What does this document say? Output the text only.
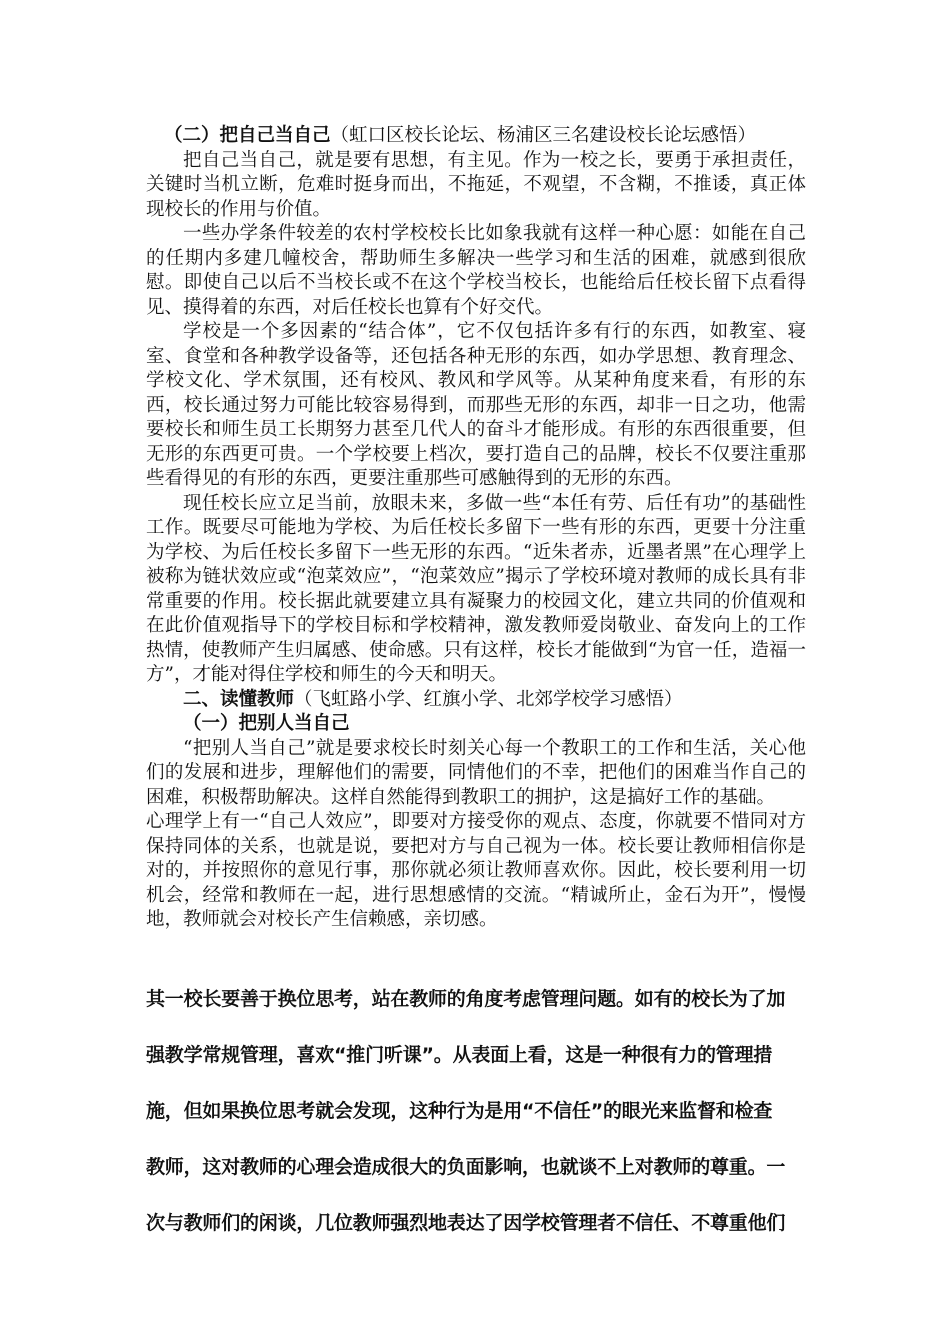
（二）把自己当自己（虹口区校长论坛、杨浦区三名建设校长论坛感悟）

把自己当自己，就是要有思想，有主见。作为一校之长，要勇于承担责任，关键时当机立断，危难时挺身而出，不拖延，不观望，不含糊，不推诿，真正体现校长的作用与价值。

一些办学条件较差的农村学校校长比如象我就有这样一种心愿：如能在自己的任期内多建几幢校舍，帮助师生多解决一些学习和生活的困难，就感到很欣慰。即使自己以后不当校长或不在这个学校当校长，也能给后任校长留下点看得见、摸得着的东西，对后任校长也算有个好交代。

学校是一个多因素的“结合体”，它不仅包括许多有行的东西，如教室、寝室、食堂和各种教学设备等，还包括各种无形的东西，如办学思想、教育理念、学校文化、学术氛围，还有校风、教风和学风等。从某种角度来看，有形的东西，校长通过努力可能比较容易得到，而那些无形的东西，却非一日之功，他需要校长和师生员工长期努力甚至几代人的奋斗才能形成。有形的东西很重要，但无形的东西更可贵。一个学校要上档次，要打造自己的品牌，校长不仅要注重那些看得见的有形的东西，更要注重那些可感触得到的无形的东西。

现任校长应立足当前，放眼未来，多做一些“本任有劳、后任有功”的基础性工作。既要尽可能地为学校、为后任校长多留下一些有形的东西，更要十分注重为学校、为后任校长多留下一些无形的东西。“近朱者赤，近墨者黑”在心理学上被称为链状效应或“泡菜效应”，“泡菜效应”揭示了学校环境对教师的成长具有非常重要的作用。校长据此就要建立具有凝聚力的校园文化，建立共同的价值观和在此价值观指导下的学校目标和学校精神，激发教师爱岗敬业、奋发向上的工作热情，使教师产生归属感、使命感。只有这样，校长才能做到“为官一任，造福一方”，才能对得住学校和师生的今天和明天。

二、读懂教师（飞虹路小学、红旗小学、北郊学校学习感悟）

（一）把别人当自己

“把别人当自己”就是要求校长时刻关心每一个教职工的工作和生活，关心他们的发展和进步，理解他们的需要，同情他们的不幸，把他们的困难当作自己的困难，积极帮助解决。这样自然能得到教职工的拥护，这是搞好工作的基础。

心理学上有一“自己人效应”，即要对方接受你的观点、态度，你就要不惜同对方保持同体的关系，也就是说，要把对方与自己视为一体。校长要让教师相信你是对的，并按照你的意见行事，那你就必须让教师喜欢你。因此，校长要利用一切机会，经常和教师在一起，进行思想感情的交流。“精诚所止，金石为开”，慢慢地，教师就会对校长产生信赖感，亲切感。

其一校长要善于换位思考，站在教师的角度考虑管理问题。如有的校长为了加
强教学常规管理，喜欢“推门听课”。从表面上看，这是一种很有力的管理措
施，但如果换位思考就会发现，这种行为是用“不信任”的眼光来监督和检查
教师，这对教师的心理会造成很大的负面影响，也就谈不上对教师的尊重。一
次与教师们的闲谈，几位教师强烈地表达了因学校管理者不信任、不尊重他们
